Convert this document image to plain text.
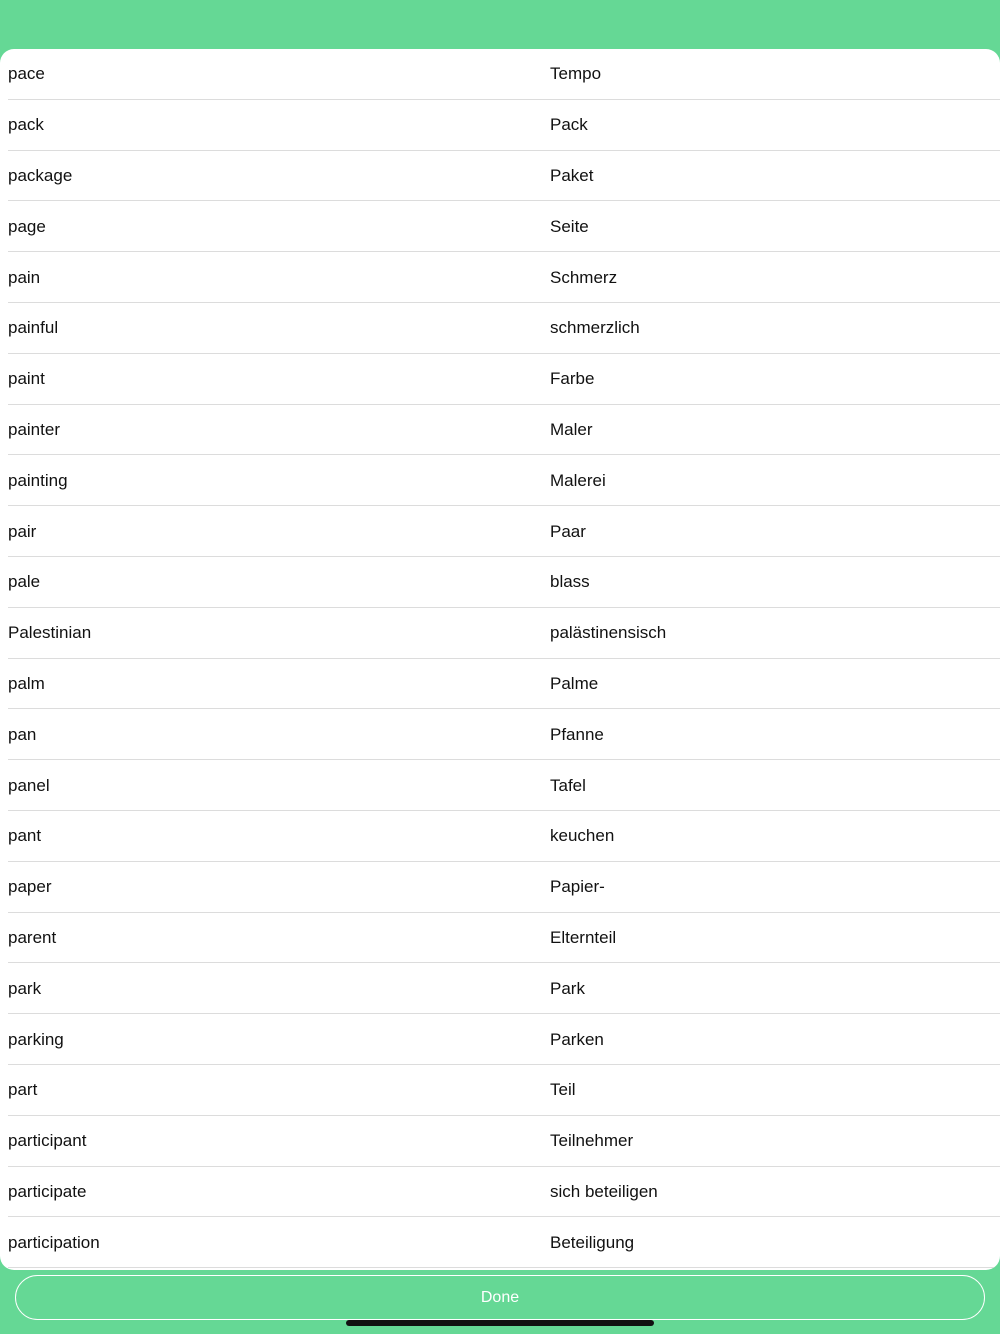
pace	Tempo
pack	Pack
package	Paket
page	Seite
pain	Schmerz
painful	schmerzlich
paint	Farbe
painter	Maler
painting	Malerei
pair	Paar
pale	blass
Palestinian	palästinensisch
palm	Palme
pan	Pfanne
panel	Tafel
pant	keuchen
paper	Papier-
parent	Elternteil
park	Park
parking	Parken
part	Teil
participant	Teilnehmer
participate	sich beteiligen
participation	Beteiligung
Done
